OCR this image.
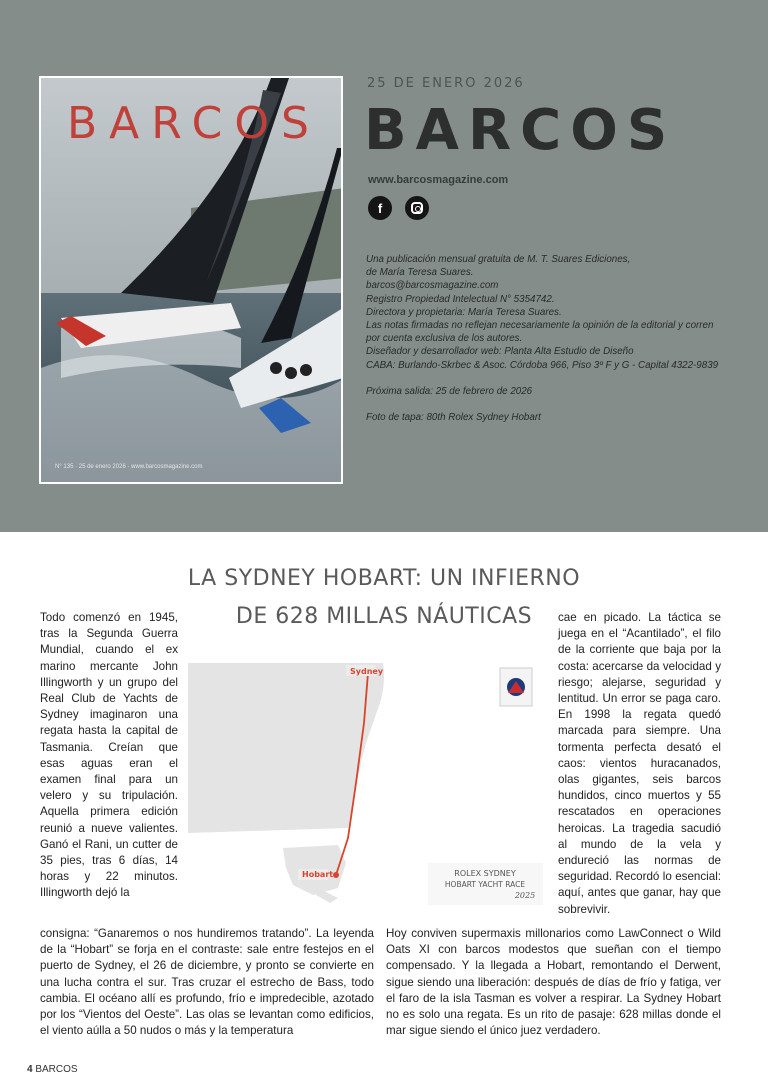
BARCOS
N° 135 · 25 de enero 2026 · www.barcosmagazine.com
25 DE ENERO 2026
BARCOS
www.barcosmagazine.com
f
Una publicación mensual gratuita de M. T. Suares Ediciones,
de María Teresa Suares.
barcos@barcosmagazine.com
Registro Propiedad Intelectual N° 5354742.
Directora y propietaria: María Teresa Suares.
Las notas firmadas no reflejan necesariamente la opinión de la editorial y corren
por cuenta exclusiva de los autores.
Diseñador y desarrollador web: Planta Alta Estudio de Diseño
CABA: Burlando-Skrbec & Asoc. Córdoba 966, Piso 3º F y G - Capital 4322-9839
Próxima salida: 25 de febrero de 2026
Foto de tapa: 80th Rolex Sydney Hobart
LA SYDNEY HOBART: UN INFIERNO
DE 628 MILLAS NÁUTICAS
Todo comenzó en 1945, tras la Segunda Guerra Mundial, cuando el ex marino mercante John Illingworth y un grupo del Real Club de Yachts de Sydney imaginaron una regata hasta la capital de Tasmania. Creían que esas aguas eran el examen final para un velero y su tripulación. Aquella primera edición reunió a nueve valientes. Ganó el Rani, un cutter de 35 pies, tras 6 días, 14 horas y 22 minutos. Illingworth dejó la
cae en picado. La táctica se juega en el “Acantilado”, el filo de la corriente que baja por la costa: acercarse da velocidad y riesgo; alejarse, seguridad y lentitud. Un error se paga caro. En 1998 la regata quedó marcada para siempre. Una tormenta perfecta desató el caos: vientos huracanados, olas gigantes, seis barcos hundidos, cinco muertos y 55 rescatados en operaciones heroicas. La tragedia sacudió al mundo de la vela y endureció las normas de seguridad. Recordó lo esencial: aquí, antes que ganar, hay que sobrevivir.
consigna: “Ganaremos o nos hundiremos tratando”. La leyenda de la “Hobart” se forja en el contraste: sale entre festejos en el puerto de Sydney, el 26 de diciembre, y pronto se convierte en una lucha contra el sur. Tras cruzar el estrecho de Bass, todo cambia. El océano allí es profundo, frío e impredecible, azotado por los “Vientos del Oeste”. Las olas se levantan como edificios, el viento aúlla a 50 nudos o más y la temperatura
Hoy conviven supermaxis millonarios como LawConnect o Wild Oats XI con barcos modestos que sueñan con el tiempo compensado. Y la llegada a Hobart, remontando el Derwent, sigue siendo una liberación: después de días de frío y fatiga, ver el faro de la isla Tasman es volver a respirar. La Sydney Hobart no es solo una regata. Es un rito de pasaje: 628 millas donde el mar sigue siendo el único juez verdadero.
Sydney
Hobart	ROLEX SYDNEY
HOBART YACHT RACE
2025
4 BARCOS
